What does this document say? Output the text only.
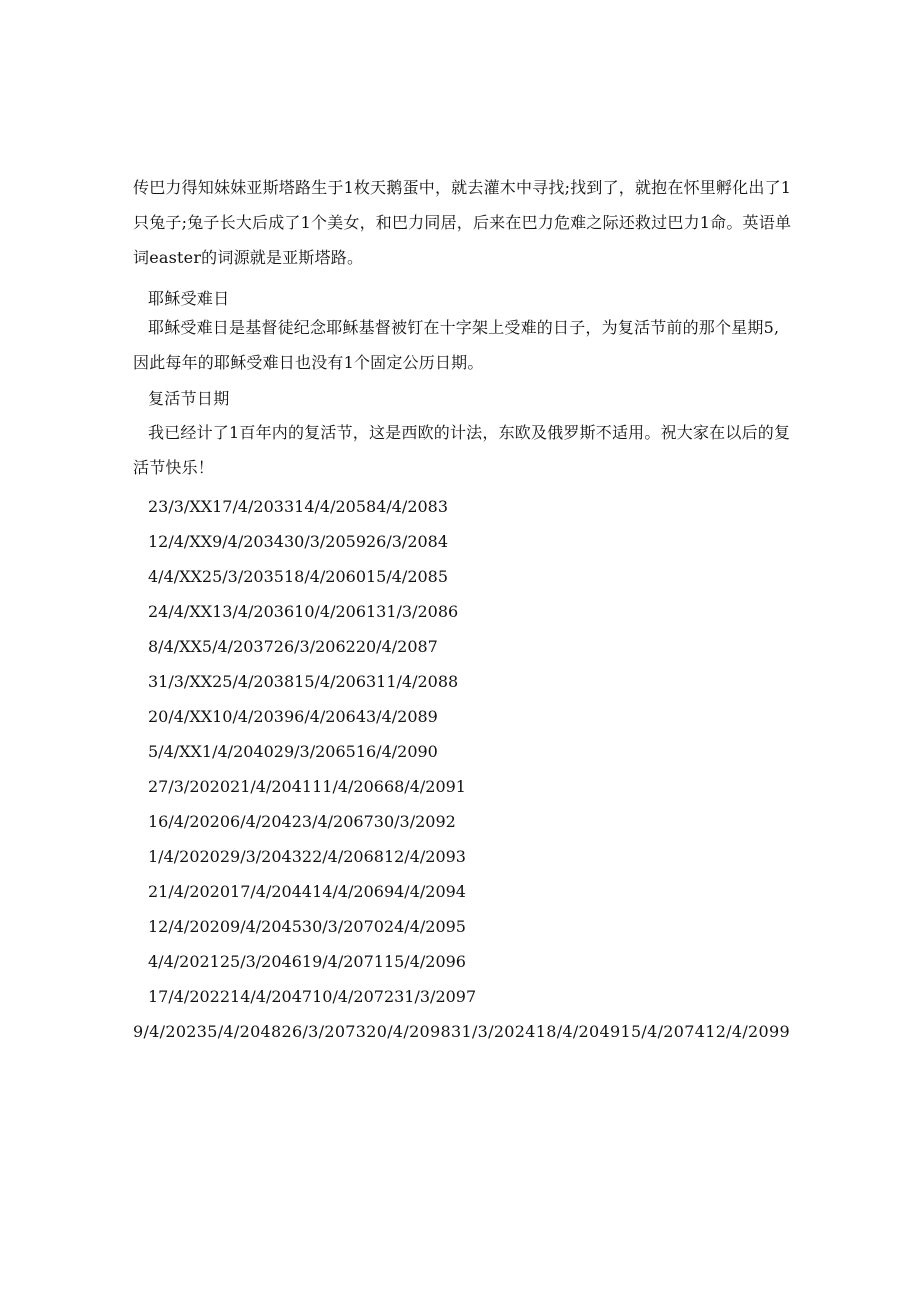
传巴力得知妹妹亚斯塔路生于1枚天鹅蛋中，就去灌木中寻找;找到了，就抱在怀里孵化出了1只兔子;兔子长大后成了1个美女，和巴力同居，后来在巴力危难之际还救过巴力1命。英语单词easter的词源就是亚斯塔路。

耶稣受难日

耶稣受难日是基督徒纪念耶稣基督被钉在十字架上受难的日子，为复活节前的那个星期5,因此每年的耶稣受难日也没有1个固定公历日期。

复活节日期

我已经计了1百年内的复活节，这是西欧的计法，东欧及俄罗斯不适用。祝大家在以后的复活节快乐！

23/3/XX17/4/203314/4/20584/4/2083
12/4/XX9/4/203430/3/205926/3/2084
4/4/XX25/3/203518/4/206015/4/2085
24/4/XX13/4/203610/4/206131/3/2086
8/4/XX5/4/203726/3/206220/4/2087
31/3/XX25/4/203815/4/206311/4/2088
20/4/XX10/4/20396/4/20643/4/2089
5/4/XX1/4/204029/3/206516/4/2090
27/3/202021/4/204111/4/20668/4/2091
16/4/20206/4/20423/4/206730/3/2092
1/4/202029/3/204322/4/206812/4/2093
21/4/202017/4/204414/4/20694/4/2094
12/4/20209/4/204530/3/207024/4/2095
4/4/202125/3/204619/4/207115/4/2096
17/4/202214/4/204710/4/207231/3/2097

9/4/20235/4/204826/3/207320/4/209831/3/202418/4/204915/4/207412/4/2099
